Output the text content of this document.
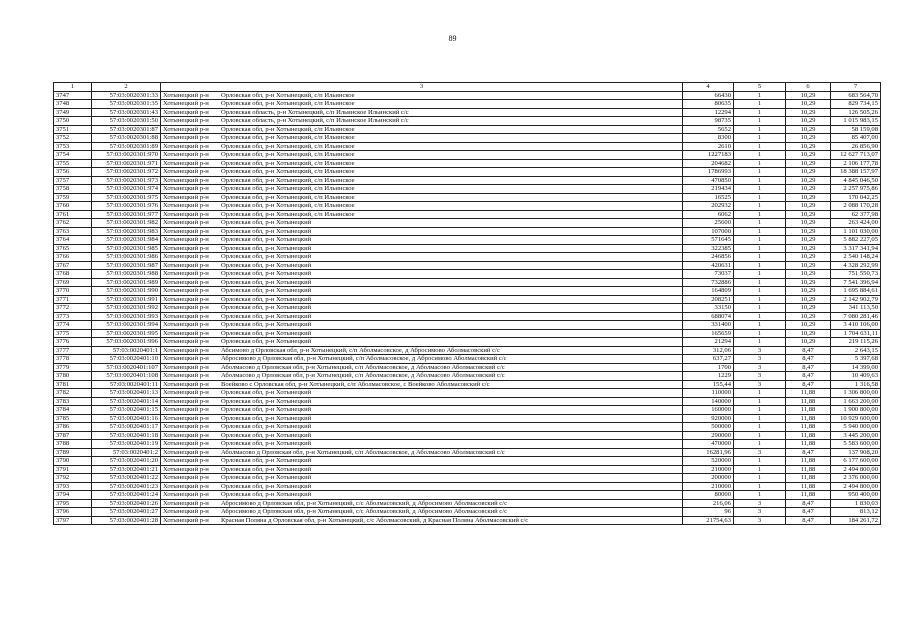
89
1	2	3	4	5	6	7
3747	57:03:0020301:33	Хотынецкий р-н Орловская обл, р-н Хотынецкий, с/п Ильинское	66430	1	10,29	683 564,70
3748	57:03:0020301:35	Хотынецкий р-н Орловская обл, р-н Хотынецкий, с/п Ильинское	80635	1	10,29	829 734,15
3749	57:03:0020301:43	Хотынецкий р-н Орловская область, р-н Хотынецкий, с/п Ильинское Ильинский с/с	12294	1	10,29	126 505,26
3750	57:03:0020301:50	Хотынецкий р-н Орловская область, р-н Хотынецкий, с/п Ильинское Ильинский с/с	98735	1	10,29	1 015 983,15
3751	57:03:0020301:87	Хотынецкий р-н Орловская обл, р-н Хотынецкий, с/п Ильинское	5652	1	10,29	58 159,08
3752	57:03:0020301:88	Хотынецкий р-н Орловская обл, р-н Хотынецкий, с/п Ильинское	8300	1	10,29	85 407,00
3753	57:03:0020301:89	Хотынецкий р-н Орловская обл, р-н Хотынецкий, с/п Ильинское	2610	1	10,29	26 856,90
3754	57:03:0020301:970	Хотынецкий р-н Орловская обл, р-н Хотынецкий, с/п Ильинское	1227183	1	10,29	12 627 713,07
3755	57:03:0020301:971	Хотынецкий р-н Орловская обл, р-н Хотынецкий, с/п Ильинское	204682	1	10,29	2 106 177,78
3756	57:03:0020301:972	Хотынецкий р-н Орловская обл, р-н Хотынецкий, с/п Ильинское	1786993	1	10,29	18 388 157,97
3757	57:03:0020301:973	Хотынецкий р-н Орловская обл, р-н Хотынецкий, с/п Ильинское	470850	1	10,29	4 845 046,50
3758	57:03:0020301:974	Хотынецкий р-н Орловская обл, р-н Хотынецкий, с/п Ильинское	219434	1	10,29	2 257 975,86
3759	57:03:0020301:975	Хотынецкий р-н Орловская обл, р-н Хотынецкий, с/п Ильинское	16525	1	10,29	170 042,25
3760	57:03:0020301:976	Хотынецкий р-н Орловская обл, р-н Хотынецкий, с/п Ильинское	202932	1	10,29	2 088 170,28
3761	57:03:0020301:977	Хотынецкий р-н Орловская обл, р-н Хотынецкий, с/п Ильинское	6062	1	10,29	62 377,98
3762	57:03:0020301:982	Хотынецкий р-н Орловская обл, р-н Хотынецкий	25600	1	10,29	263 424,00
3763	57:03:0020301:983	Хотынецкий р-н Орловская обл, р-н Хотынецкий	107000	1	10,29	1 101 030,00
3764	57:03:0020301:984	Хотынецкий р-н Орловская обл, р-н Хотынецкий	571645	1	10,29	5 882 227,05
3765	57:03:0020301:985	Хотынецкий р-н Орловская обл, р-н Хотынецкий	322385	1	10,29	3 317 341,94
3766	57:03:0020301:986	Хотынецкий р-н Орловская обл, р-н Хотынецкий	246856	1	10,29	2 540 148,24
3767	57:03:0020301:987	Хотынецкий р-н Орловская обл, р-н Хотынецкий	420631	1	10,29	4 328 292,99
3768	57:03:0020301:988	Хотынецкий р-н Орловская обл, р-н Хотынецкий	73037	1	10,29	751 550,73
3769	57:03:0020301:989	Хотынецкий р-н Орловская обл, р-н Хотынецкий	732886	1	10,29	7 541 396,94
3770	57:03:0020301:990	Хотынецкий р-н Орловская обл, р-н Хотынецкий	164809	1	10,29	1 695 884,61
3771	57:03:0020301:991	Хотынецкий р-н Орловская обл, р-н Хотынецкий	208251	1	10,29	2 142 902,79
3772	57:03:0020301:992	Хотынецкий р-н Орловская обл, р-н Хотынецкий	33150	1	10,29	341 113,50
3773	57:03:0020301:993	Хотынецкий р-н Орловская обл, р-н Хотынецкий	688074	1	10,29	7 080 281,46
3774	57:03:0020301:994	Хотынецкий р-н Орловская обл, р-н Хотынецкий	331400	1	10,29	3 410 106,00
3775	57:03:0020301:995	Хотынецкий р-н Орловская обл, р-н Хотынецкий	165659	1	10,29	1 704 631,11
3776	57:03:0020301:996	Хотынецкий р-н Орловская обл, р-н Хотынецкий	21294	1	10,29	219 115,26
3777	57:03:0020401:1	Хотынецкий р-н Абсимово д Орловская обл, р-н Хотынецкий, с/п Аболмасовское, д Абросимово Аболмасовский с/с	312,06	3	8,47	2 643,15
3778	57:03:0020401:10	Хотынецкий р-н Абросимово д Орловская обл, р-н Хотынецкий, с/п Аболмасовское, д Абросимово Аболмасовский с/с	637,27	3	8,47	5 397,68
3779	57:03:0020401:107	Хотынецкий р-н Аболмасово д Орловская обл, р-н Хотынецкий, с/п Аболмасовское, д Аболмасово Аболмасовский с/с	1700	3	8,47	14 399,00
3780	57:03:0020401:108	Хотынецкий р-н Аболмасово д Орловская обл, р-н Хотынецкий, с/п Аболмасовское, д Аболмасово Аболмасовский с/с	1229	3	8,47	10 409,63
3781	57:03:0020401:11	Хотынецкий р-н Воейково с Орловская обл, р-н Хотынецкий, с/п Аболмасовское, с Воейково Аболмасовский с/с	155,44	3	8,47	1 316,58
3782	57:03:0020401:13	Хотынецкий р-н Орловская обл, р-н Хотынецкий	110000	1	11,88	1 306 800,00
3783	57:03:0020401:14	Хотынецкий р-н Орловская обл, р-н Хотынецкий	140000	1	11,88	1 663 200,00
3784	57:03:0020401:15	Хотынецкий р-н Орловская обл, р-н Хотынецкий	160000	1	11,88	1 900 800,00
3785	57:03:0020401:16	Хотынецкий р-н Орловская обл, р-н Хотынецкий	920000	1	11,88	10 929 600,00
3786	57:03:0020401:17	Хотынецкий р-н Орловская обл, р-н Хотынецкий	500000	1	11,88	5 940 000,00
3787	57:03:0020401:18	Хотынецкий р-н Орловская обл, р-н Хотынецкий	290000	1	11,88	3 445 200,00
3788	57:03:0020401:19	Хотынецкий р-н Орловская обл, р-н Хотынецкий	470000	1	11,88	5 583 600,00
3789	57:03:0020401:2	Хотынецкий р-н Аболмасово д Орловская обл, р-н Хотынецкий, с/п Аболмасовское, д Аболмасово Аболмасовский с/с	16281,96	3	8,47	137 908,20
3790	57:03:0020401:20	Хотынецкий р-н Орловская обл, р-н Хотынецкий	520000	1	11,88	6 177 600,00
3791	57:03:0020401:21	Хотынецкий р-н Орловская обл, р-н Хотынецкий	210000	1	11,88	2 494 800,00
3792	57:03:0020401:22	Хотынецкий р-н Орловская обл, р-н Хотынецкий	200000	1	11,88	2 376 000,00
3793	57:03:0020401:23	Хотынецкий р-н Орловская обл, р-н Хотынецкий	210000	1	11,88	2 494 800,00
3794	57:03:0020401:24	Хотынецкий р-н Орловская обл, р-н Хотынецкий	80000	1	11,88	950 400,00
3795	57:03:0020401:26	Хотынецкий р-н Абросимово д Орловская обл, р-н Хотынецкий, с/с Аболмасовский, д Абросимово Аболмасовский с/с	216,06	3	8,47	1 830,03
3796	57:03:0020401:27	Хотынецкий р-н Абросимово д Орловская обл, р-н Хотынецкий, с/с Аболмасовский, д Абросимово Аболмасовский с/с	96	3	8,47	813,12
3797	57:03:0020401:28	Хотынецкий р-н Красная Поляна д Орловская обл, р-н Хотынецкий, с/с Аболмасовский, д Красная Поляна Аболмасовский с/с	21754,63	3	8,47	184 261,72
